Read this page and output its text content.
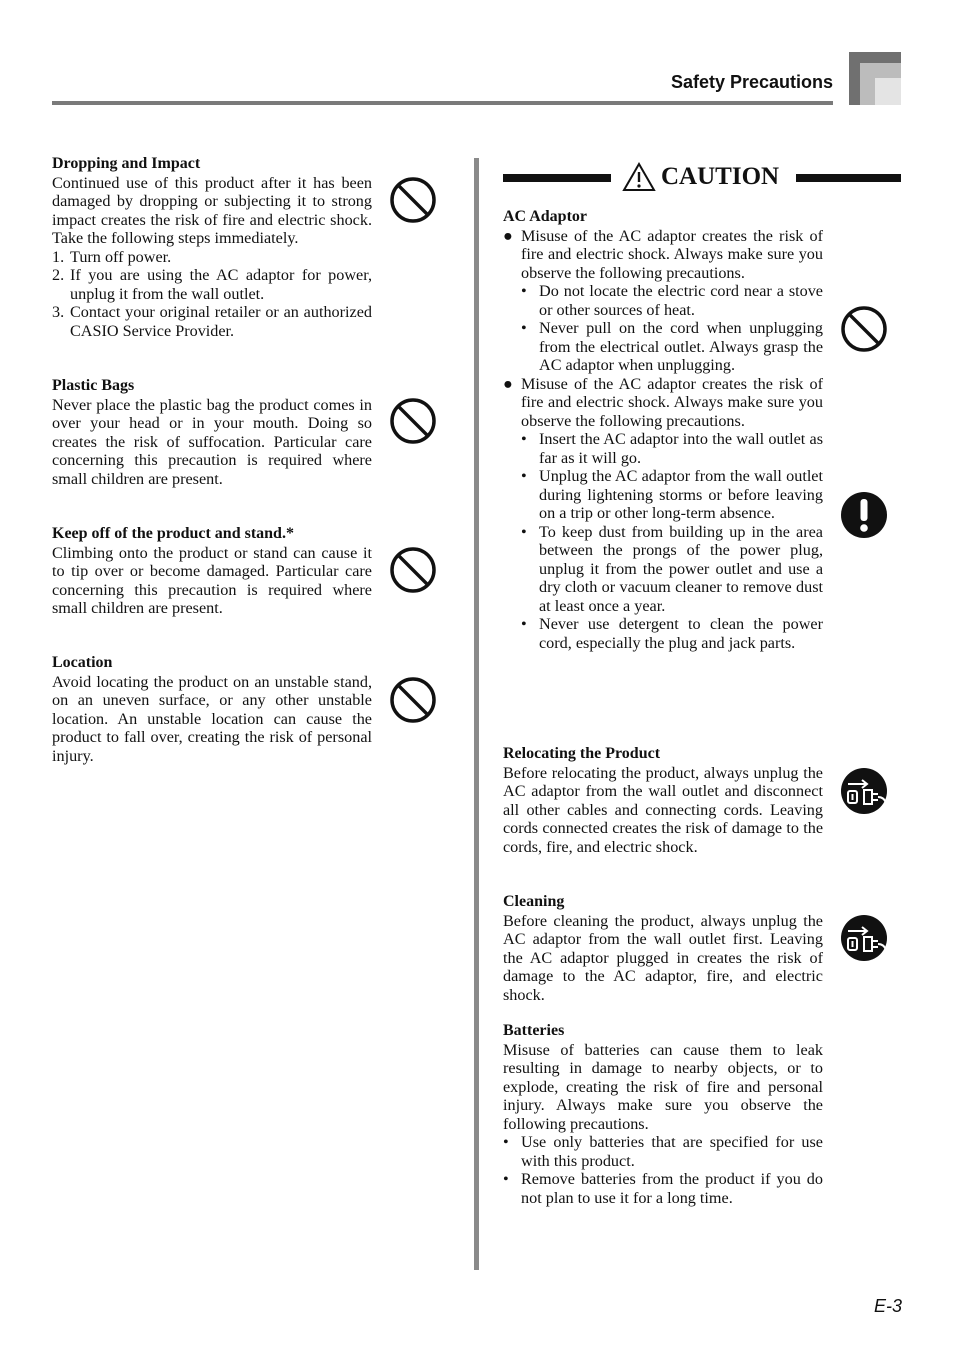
Safety Precautions
Dropping and Impact
Continued use of this product after it has been damaged by dropping or subjecting it to strong impact creates the risk of fire and electric shock. Take the following steps immediately.
1. Turn off power.
2. If you are using the AC adaptor for power, unplug it from the wall outlet.
3. Contact your original retailer or an authorized CASIO Service Provider.
Plastic Bags
Never place the plastic bag the product comes in over your head or in your mouth. Doing so creates the risk of suffocation. Particular care concerning this precaution is required where small children are present.
Keep off of the product and stand.*
Climbing onto the product or stand can cause it to tip over or become damaged. Particular care concerning this precaution is required where small children are present.
Location
Avoid locating the product on an unstable stand, on an uneven surface, or any other unstable location. An unstable location can cause the product to fall over, creating the risk of personal injury.
CAUTION
AC Adaptor
● Misuse of the AC adaptor creates the risk of fire and electric shock. Always make sure you observe the following precautions.
• Do not locate the electric cord near a stove or other sources of heat.
• Never pull on the cord when unplugging from the electrical outlet. Always grasp the AC adaptor when unplugging.
● Misuse of the AC adaptor creates the risk of fire and electric shock. Always make sure you observe the following precautions.
• Insert the AC adaptor into the wall outlet as far as it will go.
• Unplug the AC adaptor from the wall outlet during lightening storms or before leaving on a trip or other long-term absence.
• To keep dust from building up in the area between the prongs of the power plug, unplug it from the power outlet and use a dry cloth or vacuum cleaner to remove dust at least once a year.
• Never use detergent to clean the power cord, especially the plug and jack parts.
Relocating the Product
Before relocating the product, always unplug the AC adaptor from the wall outlet and disconnect all other cables and connecting cords. Leaving cords connected creates the risk of damage to the cords, fire, and electric shock.
Cleaning
Before cleaning the product, always unplug the AC adaptor from the wall outlet first. Leaving the AC adaptor plugged in creates the risk of damage to the AC adaptor, fire, and electric shock.
Batteries
Misuse of batteries can cause them to leak resulting in damage to nearby objects, or to explode, creating the risk of fire and personal injury. Always make sure you observe the following precautions.
• Use only batteries that are specified for use with this product.
• Remove batteries from the product if you do not plan to use it for a long time.
E-3
